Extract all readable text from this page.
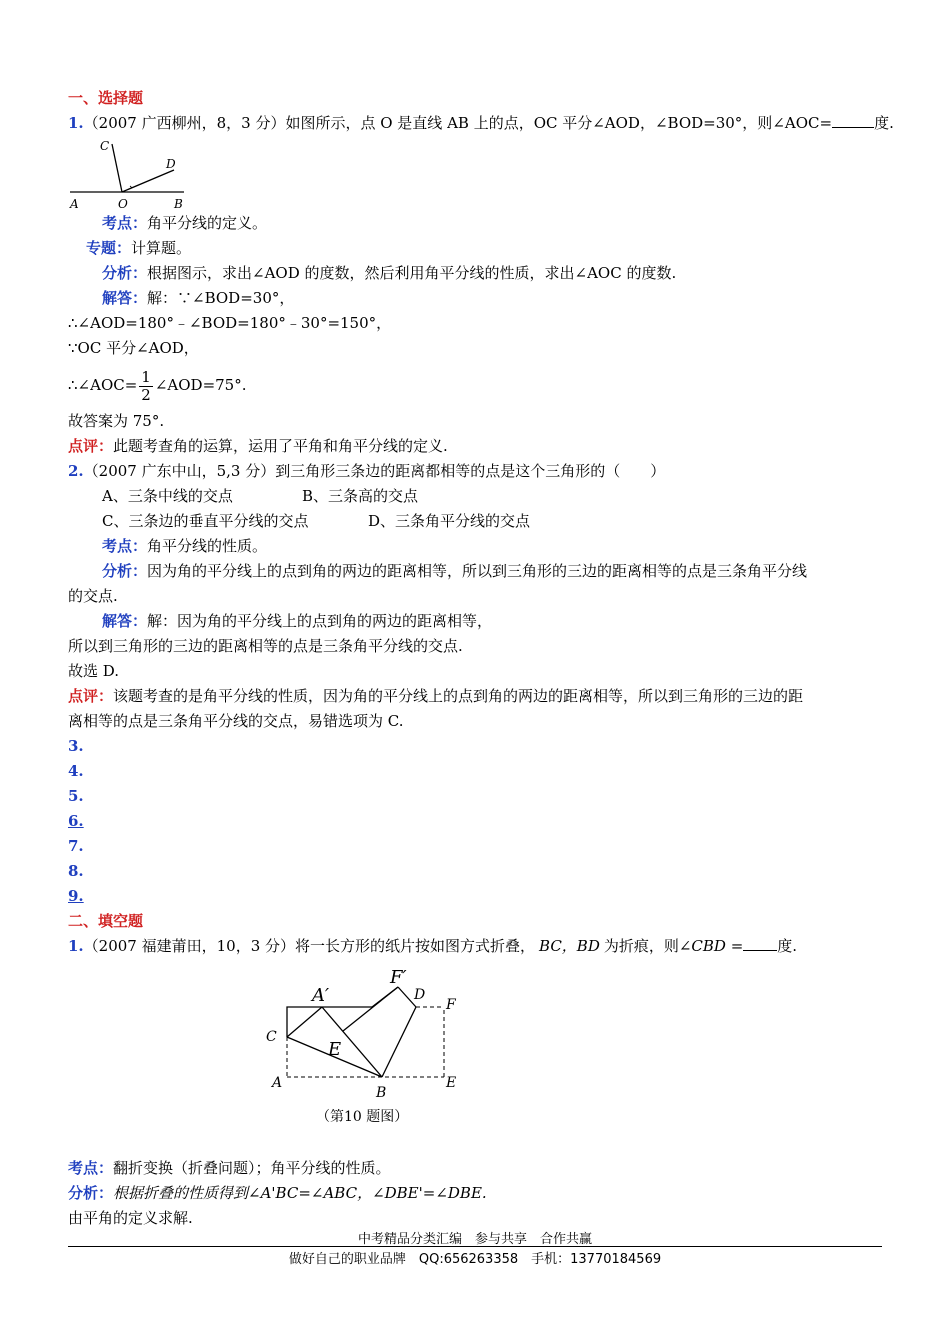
一、选择题
1.（2007 广西柳州，8，3 分）如图所示，点 O 是直线 AB 上的点，OC 平分∠AOD，∠BOD=30°，则∠AOC=	度.
考点：角平分线的定义。
专题：计算题。
分析：根据图示，求出∠AOD 的度数，然后利用角平分线的性质，求出∠AOC 的度数.
解答：解：∵∠BOD=30°，
∴∠AOD=180°﹣∠BOD=180°﹣30°=150°，
∵OC 平分∠AOD，
∴∠AOC= $\frac{1}{2}$ ∠AOD=75°.
故答案为 75°.
点评：此题考查角的运算，运用了平角和角平分线的定义.
2.（2007 广东中山，5,3 分）到三角形三条边的距离都相等的点是这个三角形的（　　）
A、三条中线的交点	B、三条高的交点
C、三条边的垂直平分线的交点	D、三条角平分线的交点
考点：角平分线的性质。
分析：因为角的平分线上的点到角的两边的距离相等，所以到三角形的三边的距离相等的点是三条角平分线
的交点.
解答：解：因为角的平分线上的点到角的两边的距离相等，
所以到三角形的三边的距离相等的点是三条角平分线的交点.
故选 D.
点评：该题考查的是角平分线的性质，因为角的平分线上的点到角的两边的距离相等，所以到三角形的三边的距
离相等的点是三条角平分线的交点，易错选项为 C.
3.
4.
5.
6.
7.
8.
9.
二、填空题
1.（2007 福建莆田，10，3 分）将一长方形的纸片按如图方式折叠， BC，BD 为折痕，则∠CBD = 度.
A	O	B
C
D
A′
F′
D
F
C
E
A
B
E
（第10 题图）
考点：翻折变换（折叠问题）；角平分线的性质。
分析：根据折叠的性质得到∠A'BC=∠ABC，∠DBE'=∠DBE.
由平角的定义求解.
中考精品分类汇编　参与共享　合作共赢
做好自己的职业品牌　QQ:656263358　手机：13770184569
